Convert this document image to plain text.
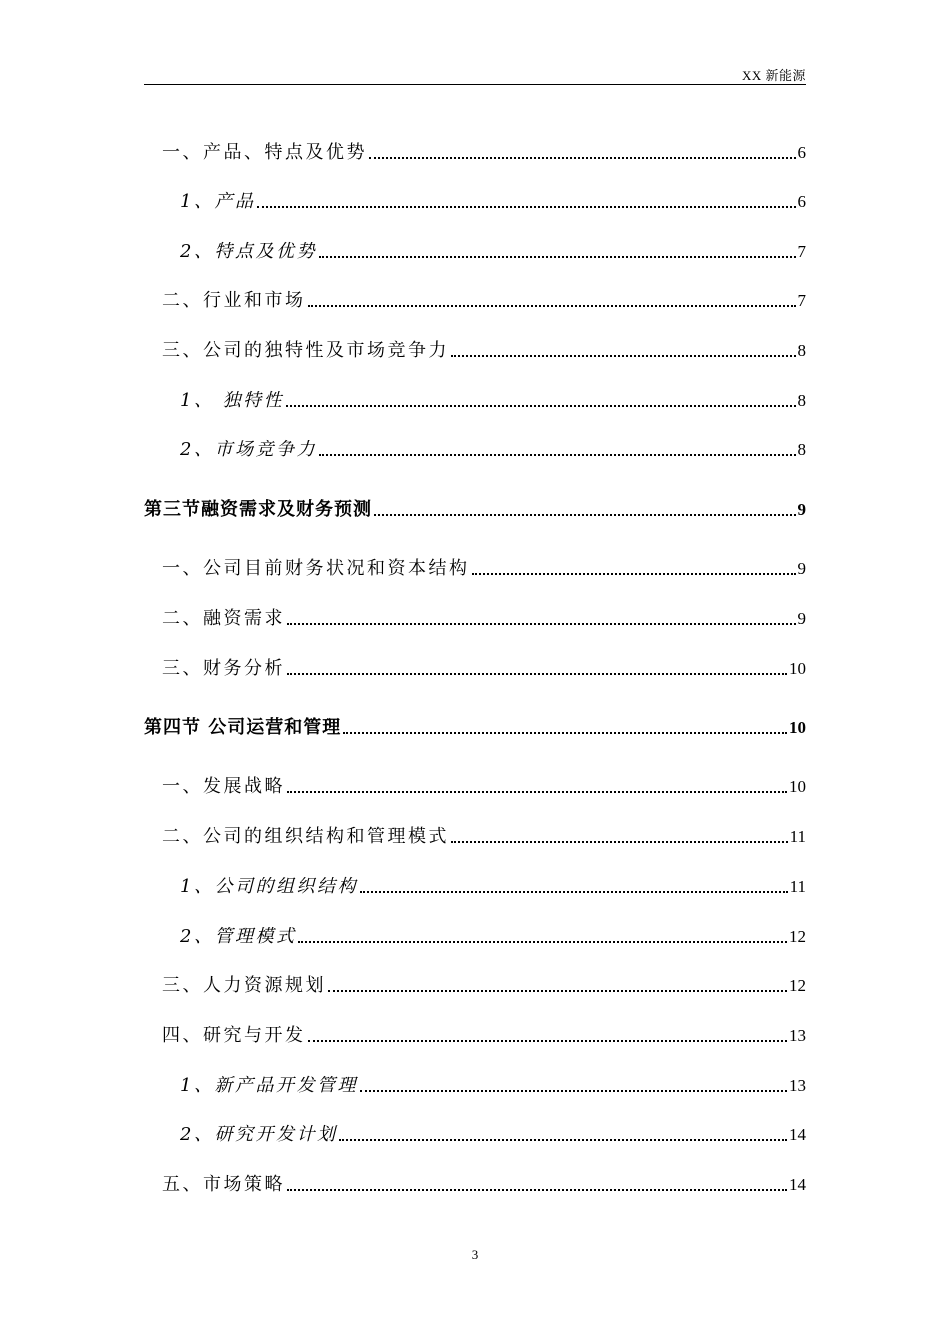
XX 新能源
一、产品、特点及优势	6
1、产品	6
2、特点及优势	7
二、行业和市场	7
三、公司的独特性及市场竞争力	8
1、 独特性	8
2、市场竞争力	8
第三节融资需求及财务预测	9
一、公司目前财务状况和资本结构	9
二、融资需求	9
三、财务分析	10
第四节 公司运营和管理	10
一、发展战略	10
二、公司的组织结构和管理模式	11
1、公司的组织结构	11
2、管理模式	12
三、人力资源规划	12
四、研究与开发	13
1、新产品开发管理	13
2、研究开发计划	14
五、市场策略	14
3
